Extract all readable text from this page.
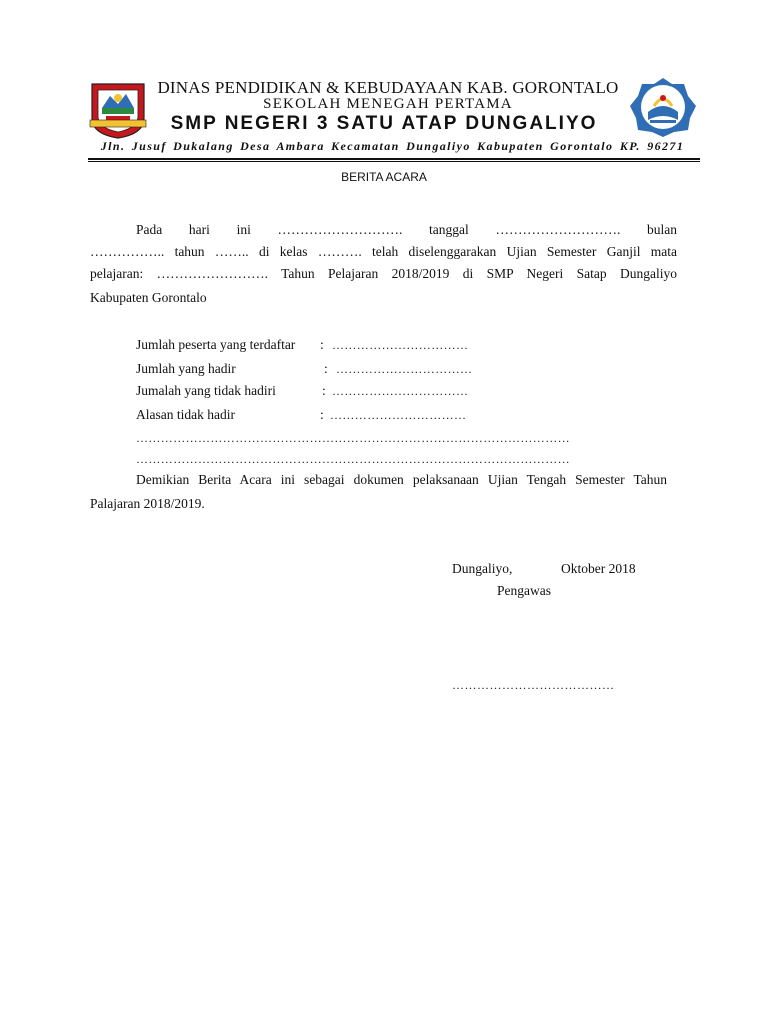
DINAS PENDIDIKAN & KEBUDAYAAN KAB. GORONTALO
SEKOLAH MENEGAH PERTAMA
SMP NEGERI 3 SATU ATAP DUNGALIYO
Jln. Jusuf Dukalang Desa Ambara Kecamatan Dungaliyo Kabupaten Gorontalo KP. 96271
BERITA ACARA
Pada hari ini ………………………. tanggal ………………………. bulan
…………….. tahun …….. di kelas ………. telah diselenggarakan Ujian Semester Ganjil mata
pelajaran: ……………………. Tahun Pelajaran 2018/2019 di SMP Negeri Satap Dungaliyo
Kabupaten Gorontalo
Jumlah peserta yang terdaftar : ……………………………
Jumlah yang hadir	: ……………………………
Jumalah yang tidak hadiri	: ……………………………
Alasan tidak hadir	: ……………………………
……………………………………………………………………………………………
……………………………………………………………………………………………
Demikian Berita Acara ini sebagai dokumen pelaksanaan Ujian Tengah Semester Tahun
Palajaran 2018/2019.
Dungaliyo,	Oktober 2018
Pengawas
…………………………………
